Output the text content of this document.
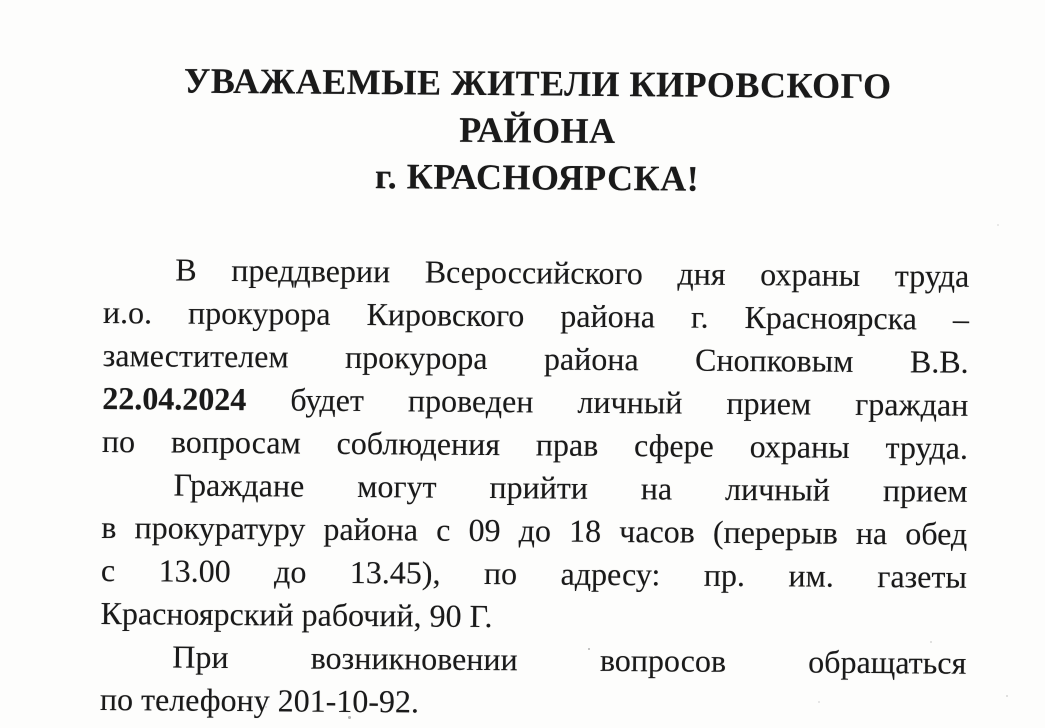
УВАЖАЕМЫЕ ЖИТЕЛИ КИРОВСКОГО РАЙОНА
г. КРАСНОЯРСКА!

В преддверии Всероссийского дня охраны труда

и.о. прокурора Кировского района г. Красноярска –

заместителем прокурора района Снопковым В.В.

22.04.2024 будет проведен личный прием граждан

по вопросам соблюдения прав сфере охраны труда.

Граждане могут прийти на личный прием

в прокуратуру района с 09 до 18 часов (перерыв на обед

с 13.00 до 13.45), по адресу: пр. им. газеты

Красноярский рабочий, 90 Г.

При возникновении вопросов обращаться

по телефону 201-10-92.
